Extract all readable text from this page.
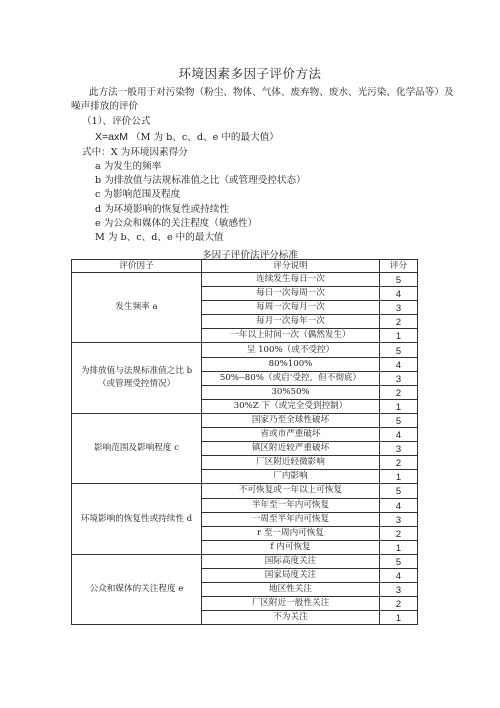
环境因素多因子评价方法
此方法一般用于对污染物（粉尘、物体、气体、废弃物、废水、光污染、化学品等）及
噪声排放的评价
（1）、评价公式
X=axM （M 为 b、c、d、e 中的最大值）
式中：X 为环境因素得分
a 为发生的频率
b 为排放值与法规标准值之比（或管理受控状态）
c 为影响范围及程度
d 为环境影响的恢复性或持续性
e 为公众和媒体的关注程度（敏感性）
M 为 b、c、d、e 中的最大值
多因子评价法评分标准
评价因子	评分说明	评分
发生频率 a	连续发生每日一次	5
	每日一次每周一次	4
	每周一次每月一次	3
	每月一次每年一次	2
	一年以上时间一次（偶然发生）	1
为排放值与法规标准值之比 b（或管理受控情况）	呈 100%（或不受控）	5
	80%100%	4
	50%--80%（或启’受控，但不彻底）	3
	30%50%	2
	30%Z 下（或完全受到控制）	1
影响范围及影响程度 c	国家乃至全球性破坏	5
	省或市严重破坏	4
	镇区附近较严重破坏	3
	厂区附近轻微影响	2
	厂内影响	1
环境影响的恢复性或持续性 d	不可恢复或一年以上可恢复	5
	半年至一年内可恢复	4
	一周至半年内可恢复	3
	r 至一周内可恢复	2
	f 内可恢复	1
公众和媒体的关注程度 e	国际高度关注	5
	国家局度关注	4
	地区性关注	3
	厂区附近一般性关注	2
	不为关注	1
